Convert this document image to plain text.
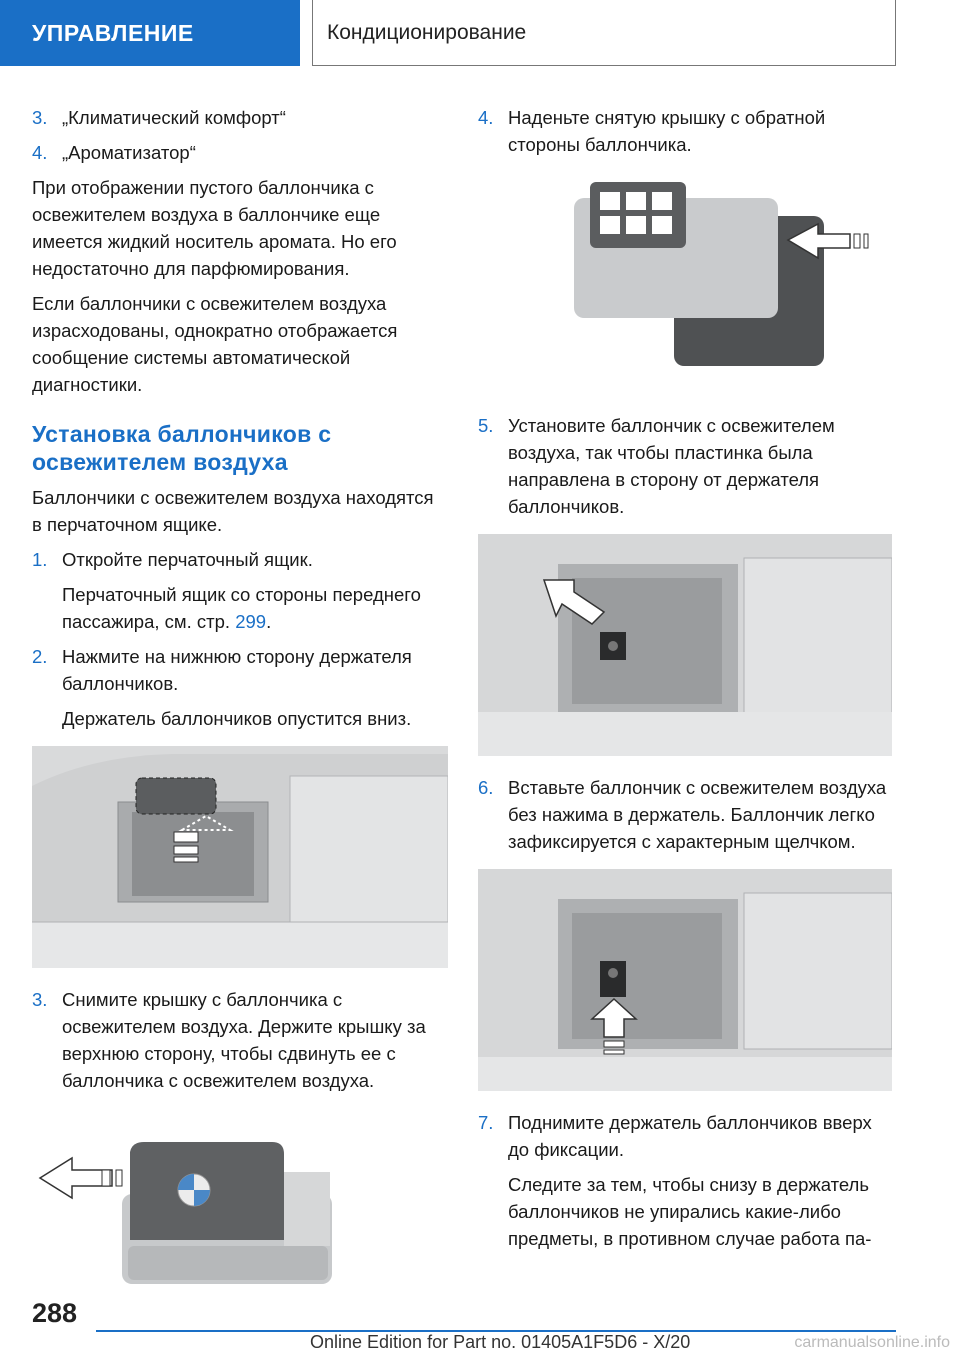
УПРАВЛЕНИЕ	Кондиционирование
3. „Климатический комфорт“
4. „Ароматизатор“

При отображении пустого баллончика с освежителем воздуха в баллончике еще имеется жидкий носитель аромата. Но его недостаточно для парфюмирования.

Если баллончики с освежителем воздуха израсходованы, однократно отображается сообщение системы автоматической диагностики.

Установка баллончиков с освежителем воздуха

Баллончики с освежителем воздуха находятся в перчаточном ящике.

1. Откройте перчаточный ящик.
Перчаточный ящик со стороны переднего пассажира, см. стр. 299.
2. Нажмите на нижнюю сторону держателя баллончиков.
Держатель баллончиков опустится вниз.
3. Снимите крышку с баллончика с освежителем воздуха. Держите крышку за верхнюю сторону, чтобы сдвинуть ее с баллончика с освежителем воздуха.
4. Наденьте снятую крышку с обратной стороны баллончика.
5. Установите баллончик с освежителем воздуха, так чтобы пластинка была направлена в сторону от держателя баллончиков.
6. Вставьте баллончик с освежителем воздуха без нажима в держатель. Баллончик легко зафиксируется с характерным щелчком.
7. Поднимите держатель баллончиков вверх до фиксации.
Следите за тем, чтобы снизу в держатель баллончиков не упирались какие-либо предметы, в противном случае работа па-
288
Online Edition for Part no. 01405A1F5D6 - X/20	carmanualsonline.info
